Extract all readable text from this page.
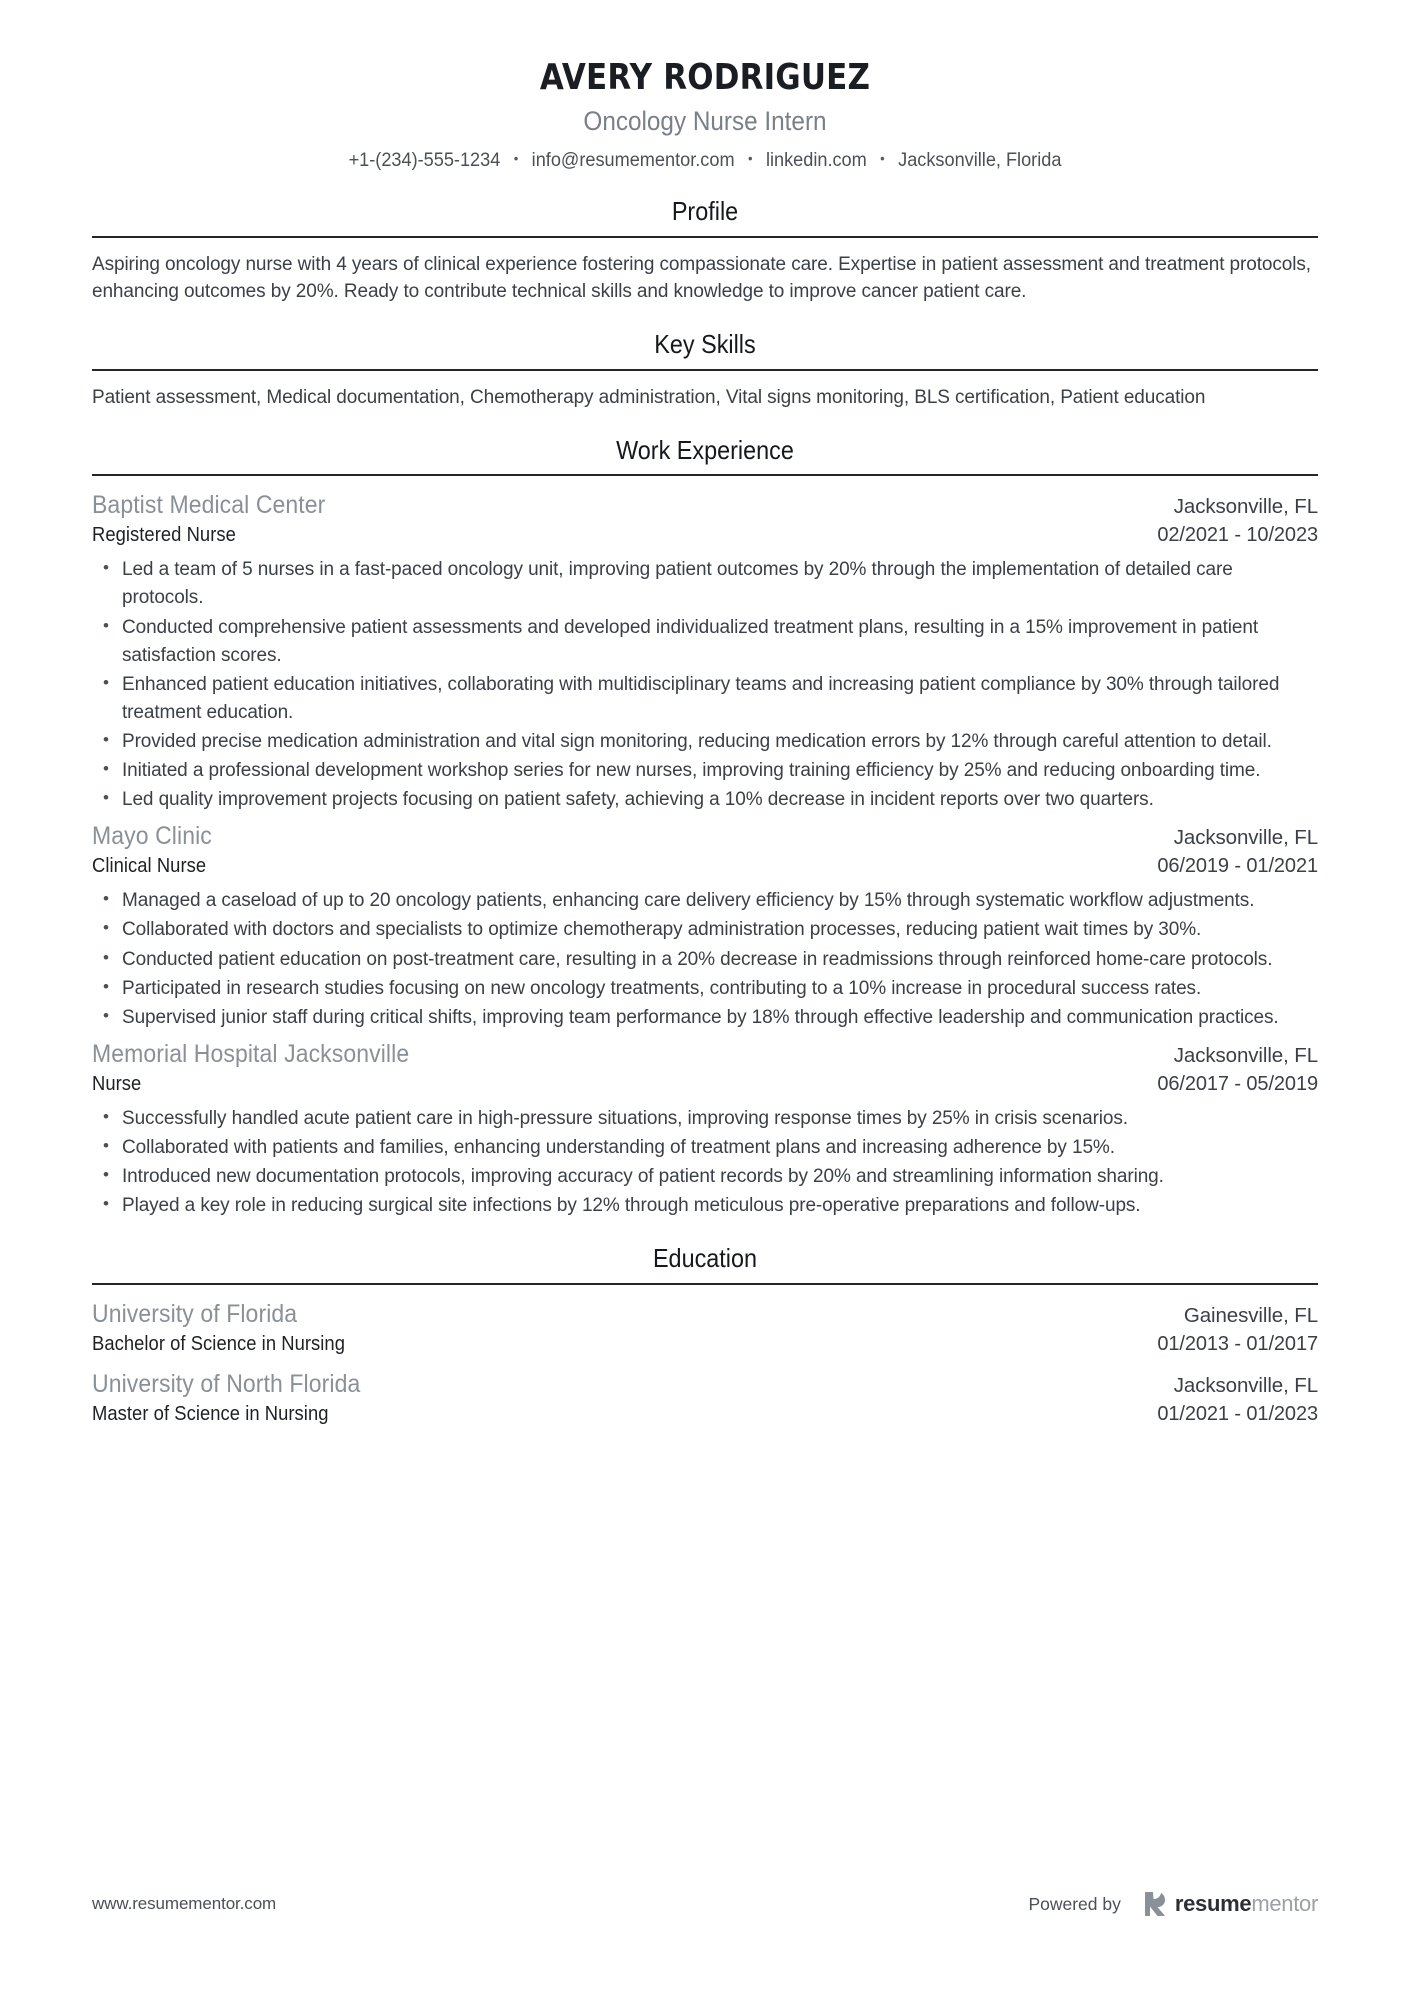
AVERY RODRIGUEZ
Oncology Nurse Intern
+1-(234)-555-1234 • info@resumementor.com • linkedin.com • Jacksonville, Florida
Profile
Aspiring oncology nurse with 4 years of clinical experience fostering compassionate care. Expertise in patient assessment and treatment protocols, enhancing outcomes by 20%. Ready to contribute technical skills and knowledge to improve cancer patient care.
Key Skills
Patient assessment, Medical documentation, Chemotherapy administration, Vital signs monitoring, BLS certification, Patient education
Work Experience
Baptist Medical Center	Jacksonville, FL
Registered Nurse	02/2021 - 10/2023
• Led a team of 5 nurses in a fast-paced oncology unit, improving patient outcomes by 20% through the implementation of detailed care protocols.
• Conducted comprehensive patient assessments and developed individualized treatment plans, resulting in a 15% improvement in patient satisfaction scores.
• Enhanced patient education initiatives, collaborating with multidisciplinary teams and increasing patient compliance by 30% through tailored treatment education.
• Provided precise medication administration and vital sign monitoring, reducing medication errors by 12% through careful attention to detail.
• Initiated a professional development workshop series for new nurses, improving training efficiency by 25% and reducing onboarding time.
• Led quality improvement projects focusing on patient safety, achieving a 10% decrease in incident reports over two quarters.
Mayo Clinic	Jacksonville, FL
Clinical Nurse	06/2019 - 01/2021
• Managed a caseload of up to 20 oncology patients, enhancing care delivery efficiency by 15% through systematic workflow adjustments.
• Collaborated with doctors and specialists to optimize chemotherapy administration processes, reducing patient wait times by 30%.
• Conducted patient education on post-treatment care, resulting in a 20% decrease in readmissions through reinforced home-care protocols.
• Participated in research studies focusing on new oncology treatments, contributing to a 10% increase in procedural success rates.
• Supervised junior staff during critical shifts, improving team performance by 18% through effective leadership and communication practices.
Memorial Hospital Jacksonville	Jacksonville, FL
Nurse	06/2017 - 05/2019
• Successfully handled acute patient care in high-pressure situations, improving response times by 25% in crisis scenarios.
• Collaborated with patients and families, enhancing understanding of treatment plans and increasing adherence by 15%.
• Introduced new documentation protocols, improving accuracy of patient records by 20% and streamlining information sharing.
• Played a key role in reducing surgical site infections by 12% through meticulous pre-operative preparations and follow-ups.
Education
University of Florida	Gainesville, FL
Bachelor of Science in Nursing	01/2013 - 01/2017
University of North Florida	Jacksonville, FL
Master of Science in Nursing	01/2021 - 01/2023
www.resumementor.com	Powered by resumementor
